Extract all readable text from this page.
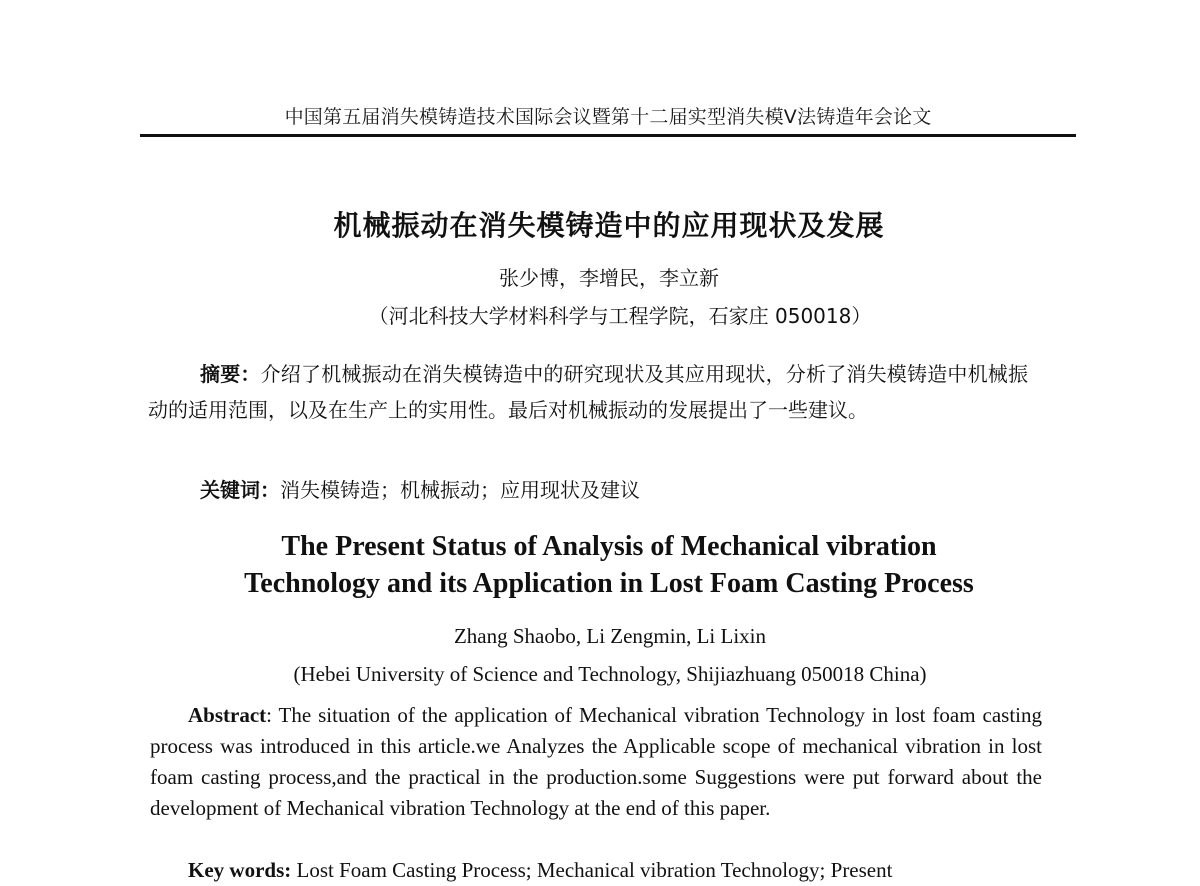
中国第五届消失模铸造技术国际会议暨第十二届实型消失模V法铸造年会论文
机械振动在消失模铸造中的应用现状及发展
张少博，李增民，李立新
（河北科技大学材料科学与工程学院，石家庄 050018）
摘要：介绍了机械振动在消失模铸造中的研究现状及其应用现状，分析了消失模铸造中机械振动的适用范围，以及在生产上的实用性。最后对机械振动的发展提出了一些建议。
关键词：消失模铸造；机械振动；应用现状及建议
The Present Status of Analysis of Mechanical vibration
Technology and its Application in Lost Foam Casting Process
Zhang Shaobo, Li Zengmin, Li Lixin
(Hebei University of Science and Technology, Shijiazhuang 050018 China)
Abstract: The situation of the application of Mechanical vibration Technology in lost foam casting process was introduced in this article.we Analyzes the Applicable scope of mechanical vibration in lost foam casting process,and the practical in the production.some Suggestions were put forward about the development of Mechanical vibration Technology at the end of this paper.
Key words: Lost Foam Casting Process; Mechanical vibration Technology; Present
